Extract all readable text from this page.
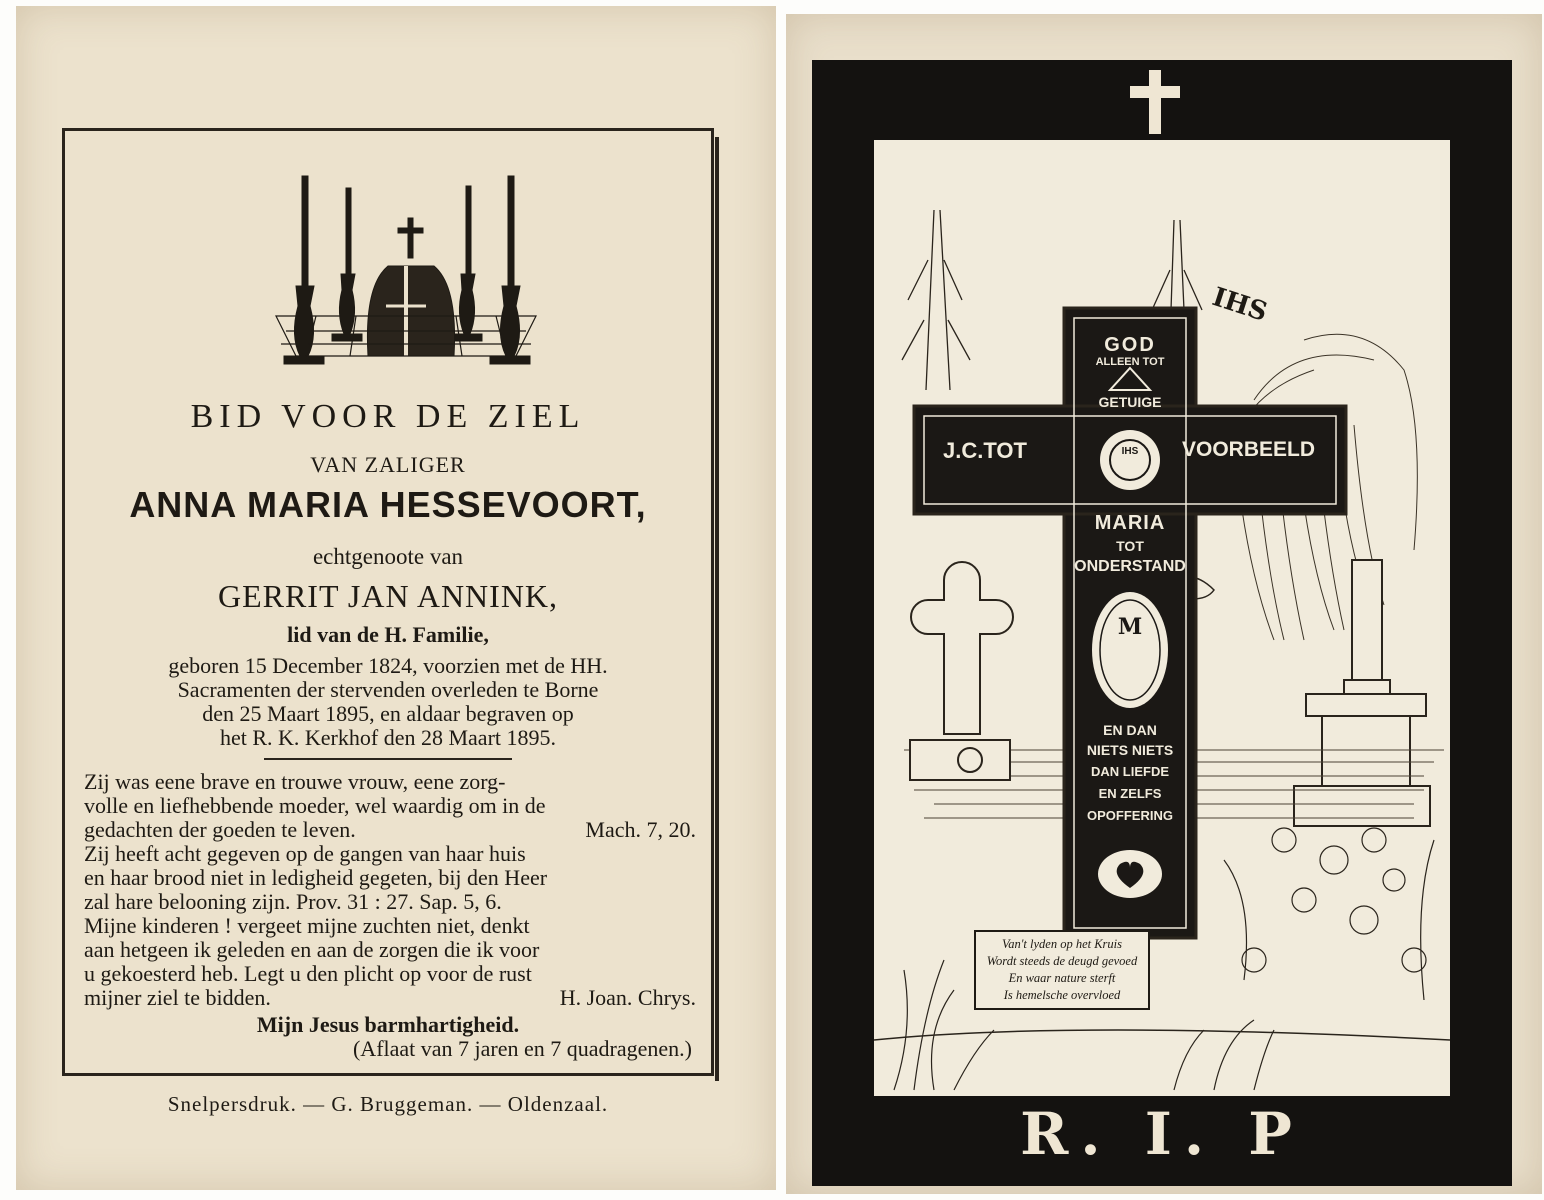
BID VOOR DE ZIEL
VAN ZALIGER
ANNA MARIA HESSEVOORT,
echtgenoote van
GERRIT JAN ANNINK,
lid van de H. Familie,
geboren 15 December 1824, voorzien met de HH.
Sacramenten der stervenden overleden te Borne
den 25 Maart 1895, en aldaar begraven op
het R. K. Kerkhof den 28 Maart 1895.
Zij was eene brave en trouwe vrouw, eene zorg-
volle en liefhebbende moeder, wel waardig om in de
gedachten der goeden te leven.	Mach. 7, 20.
Zij heeft acht gegeven op de gangen van haar huis
en haar brood niet in ledigheid gegeten, bij den Heer
zal hare belooning zijn. Prov. 31 : 27. Sap. 5, 6.
Mijne kinderen ! vergeet mijne zuchten niet, denkt
aan hetgeen ik geleden en aan de zorgen die ik voor
u gekoesterd heb. Legt u den plicht op voor de rust
mijner ziel te bidden.	H. Joan. Chrys.
Mijn Jesus barmhartigheid.
(Aflaat van 7 jaren en 7 quadragenen.)
Snelpersdruk. — G. Bruggeman. — Oldenzaal.
IHS
GOD
ALLEEN TOT
GETUIGE
J.C.TOT	VOORBEELD
MARIA
TOT
ONDERSTAND
IHS
M
EN DAN
NIETS NIETS
DAN LIEFDE
EN ZELFS
OPOFFERING
Van't lyden op het Kruis
Wordt steeds de deugd gevoed
En waar nature sterft
Is hemelsche overvloed
R. I. P
